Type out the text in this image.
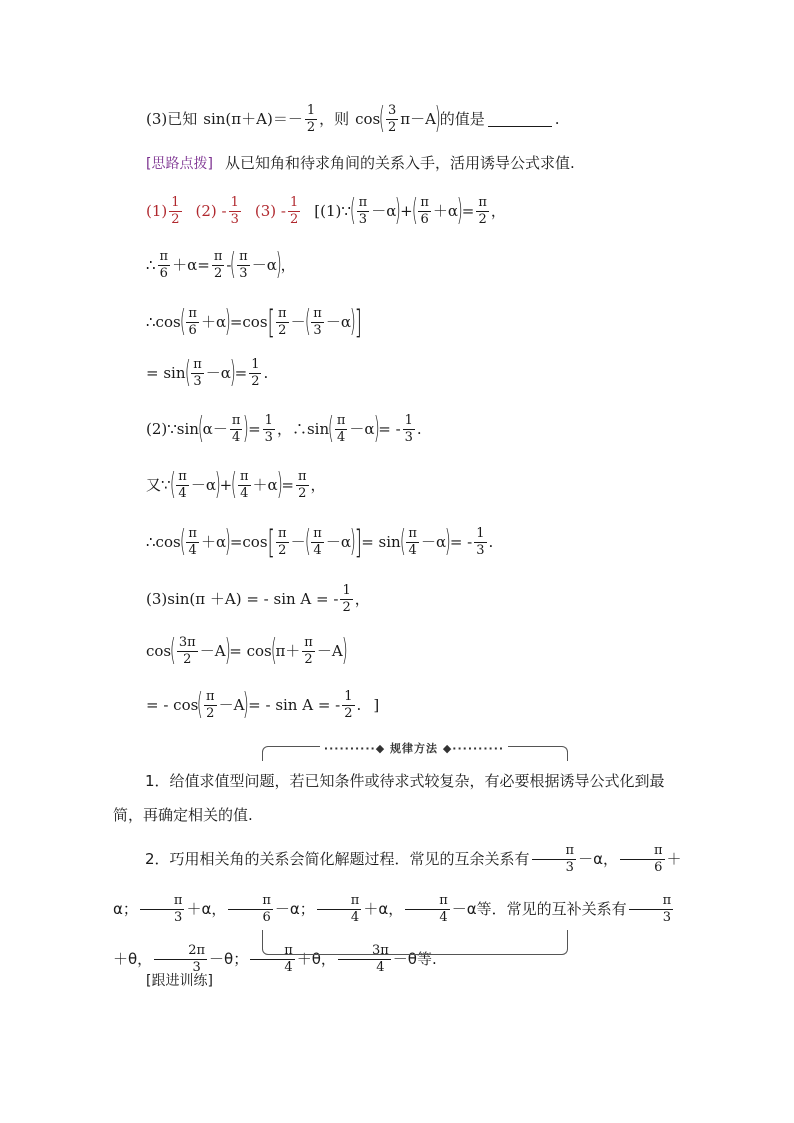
(3) 已知 $\sin(\pi+A)=- \frac{1}{2}$ ，则 cos
( $\frac{3}{2} \pi-A$
)
的值是	.
[思路点拨] 从已知角和待求角间的关系入手，活用诱导公式求值.
$(1) \frac{1}{2} (2) - \frac{1}{3} (3) - \frac{1}{2}$ [(1)∵
( $\frac{\pi}{3} -\alpha$
)
+
( $\frac{\pi}{6} +\alpha$
)
= $\frac{\pi}{2}$ ，
∴ $\frac{\pi}{6} +\alpha = \frac{\pi}{2}$ -
( $\frac{\pi}{3} -\alpha$
)
，
∴ cos
( $\frac{\pi}{6} +\alpha$
)
= cos [ $\frac{\pi}{2}$ －
( $\frac{\pi}{3} -\alpha$
)
]
= sin
( $\frac{\pi}{3} -\alpha$
)
= $\frac{1}{2}$ .
(2)∵sin
(
$\alpha - \frac{\pi}{4}$ )
= $\frac{1}{3}$ ，∴sin
( $\frac{\pi}{4} -\alpha$
)
= - $\frac{1}{3}$ .
又∵
( $\frac{\pi}{4} -\alpha$
)
+
( $\frac{\pi}{4} +\alpha$
)
= $\frac{\pi}{2}$ ，
∴ cos
( $\frac{\pi}{4} +\alpha$
)
= cos [ $\frac{\pi}{2}$ －
( $\frac{\pi}{4} -\alpha$
)
] = sin
( $\frac{\pi}{4} -\alpha$
)
= - $\frac{1}{3}$ .
(3)sin(π ＋A) = - sin A = - $\frac{1}{2}$ ，
cos
( $\frac{3\pi}{2} -A$
)
= cos
(
$\pi+ \frac{\pi}{2} -A$
)
= - cos
( $\frac{\pi}{2} -A$
)
= - sin A = - $\frac{1}{2}$ . ]
··········◆ 规律方法 ◆··········
1．给值求值型问题，若已知条件或待求式较复杂，有必要根据诱导公式化到最简，再确定相关的值.
2．巧用相关角的关系会简化解题过程．常见的互余关系有 $\frac{\pi}{3} -\alpha$， $\frac{\pi}{6} +\alpha$； $\frac{\pi}{3} +\alpha$， $\frac{\pi}{6} -\alpha$； $\frac{\pi}{4} +\alpha$， $\frac{\pi}{4} -\alpha$等．常见的互补关系有 $\frac{\pi}{3}$
＋θ， $\frac{2\pi}{3} -\theta$； $\frac{\pi}{4} +\theta$， $\frac{3\pi}{4} -\theta$等.
[跟进训练]
